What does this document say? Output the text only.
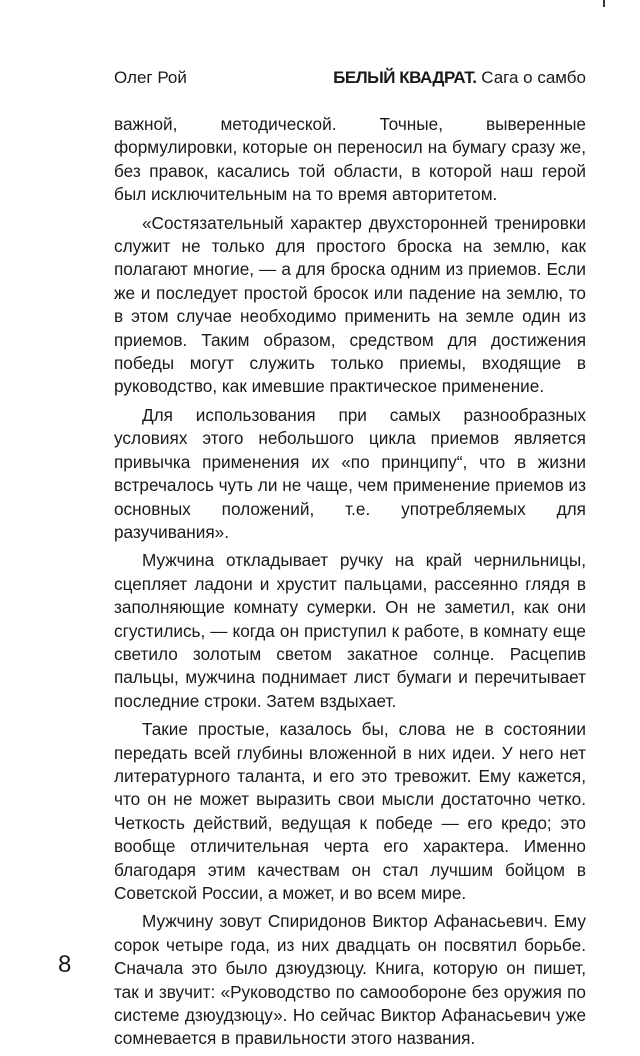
Олег Рой	БЕЛЫЙ КВАДРАТ. Сага о самбо

важной, методической. Точные, выверенные формулировки, которые он переносил на бумагу сразу же, без правок, касались той области, в которой наш герой был исключительным на то время авторитетом.

«Состязательный характер двухсторонней тренировки служит не только для простого броска на землю, как полагают многие, — а для броска одним из приемов. Если же и последует простой бросок или падение на землю, то в этом случае необходимо применить на земле один из приемов. Таким образом, средством для достижения победы могут служить только приемы, входящие в руководство, как имевшие практическое применение.

Для использования при самых разнообразных условиях этого небольшого цикла приемов является привычка применения их «по принципу“, что в жизни встречалось чуть ли не чаще, чем применение приемов из основных положений, т.е. употребляемых для разучивания».

Мужчина откладывает ручку на край чернильницы, сцепляет ладони и хрустит пальцами, рассеянно глядя в заполняющие комнату сумерки. Он не заметил, как они сгустились, — когда он приступил к работе, в комнату еще светило золотым светом закатное солнце. Расцепив пальцы, мужчина поднимает лист бумаги и перечитывает последние строки. Затем вздыхает.

Такие простые, казалось бы, слова не в состоянии передать всей глубины вложенной в них идеи. У него нет литературного таланта, и его это тревожит. Ему кажется, что он не может выразить свои мысли достаточно четко. Четкость действий, ведущая к победе — его кредо; это вообще отличительная черта его характера. Именно благодаря этим качествам он стал лучшим бойцом в Советской России, а может, и во всем мире.

Мужчину зовут Спиридонов Виктор Афанасьевич. Ему сорок четыре года, из них двадцать он посвятил борьбе. Сначала это было дзюудзюцу. Книга, которую он пишет, так и звучит: «Руководство по самообороне без оружия по системе дзюудзюцу». Но сейчас Виктор Афанасьевич уже сомневается в правильности этого названия.

8
